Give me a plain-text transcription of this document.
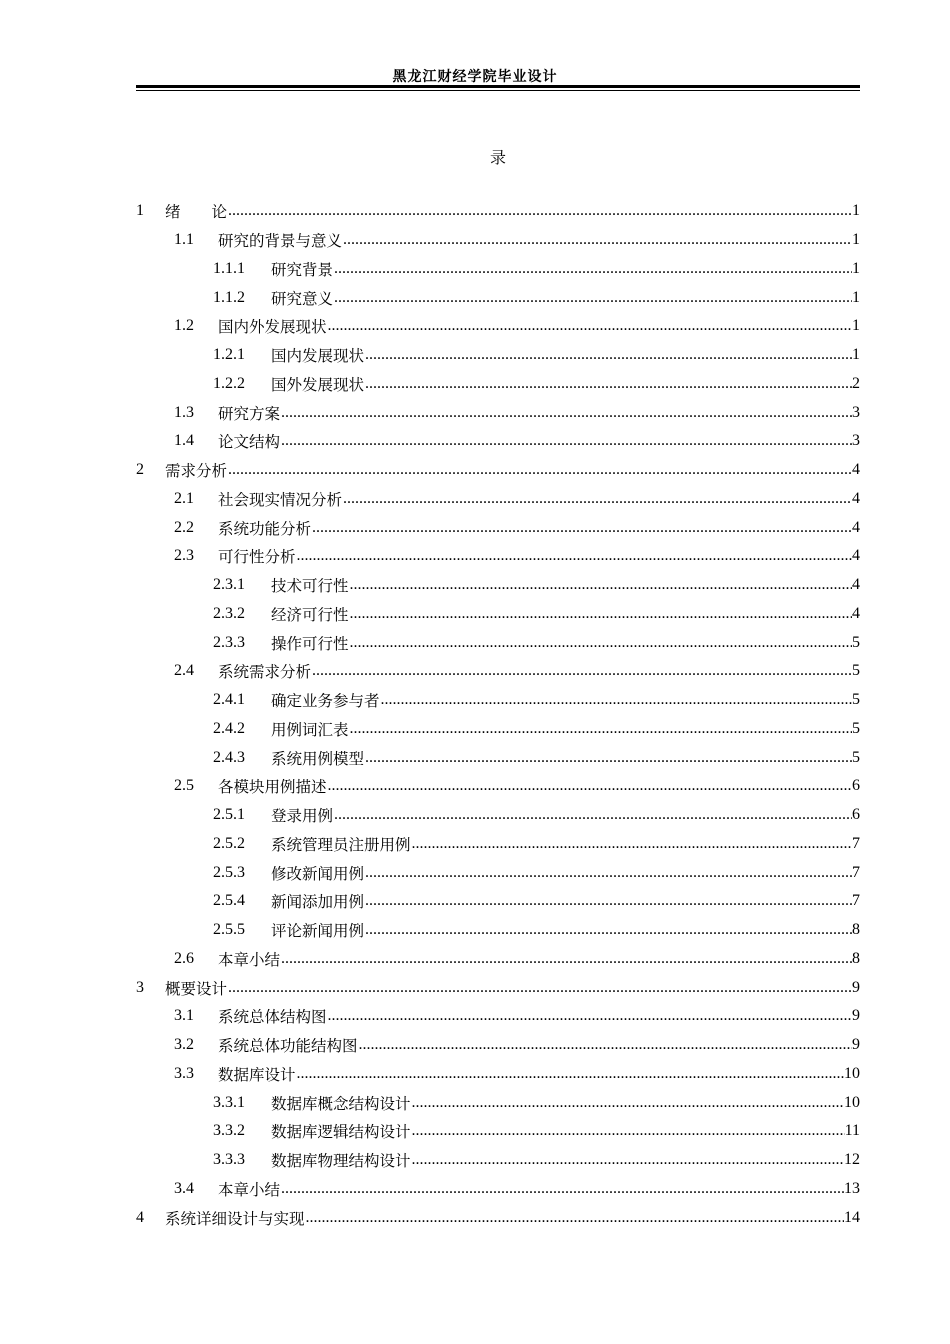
黑龙江财经学院毕业设计
录
1	绪　　论 .....	1
1.1	研究的背景与意义 .....	1
1.1.1	研究背景 .....	1
1.1.2	研究意义 .....	1
1.2	国内外发展现状 .....	1
1.2.1	国内发展现状 .....	1
1.2.2	国外发展现状 .....	2
1.3	研究方案 .....	3
1.4	论文结构 .....	3
2	需求分析 .....	4
2.1	社会现实情况分析 .....	4
2.2	系统功能分析 .....	4
2.3	可行性分析 .....	4
2.3.1	技术可行性 .....	4
2.3.2	经济可行性 .....	4
2.3.3	操作可行性 .....	5
2.4	系统需求分析 .....	5
2.4.1	确定业务参与者 .....	5
2.4.2	用例词汇表 .....	5
2.4.3	系统用例模型 .....	5
2.5	各模块用例描述 .....	6
2.5.1	登录用例 .....	6
2.5.2	系统管理员注册用例 .....	7
2.5.3	修改新闻用例 .....	7
2.5.4	新闻添加用例 .....	7
2.5.5	评论新闻用例 .....	8
2.6	本章小结 .....	8
3	概要设计 .....	9
3.1	系统总体结构图 .....	9
3.2	系统总体功能结构图 .....	9
3.3	数据库设计 .....	10
3.3.1	数据库概念结构设计 .....	10
3.3.2	数据库逻辑结构设计 .....	11
3.3.3	数据库物理结构设计 .....	12
3.4	本章小结 .....	13
4	系统详细设计与实现 .....	14
